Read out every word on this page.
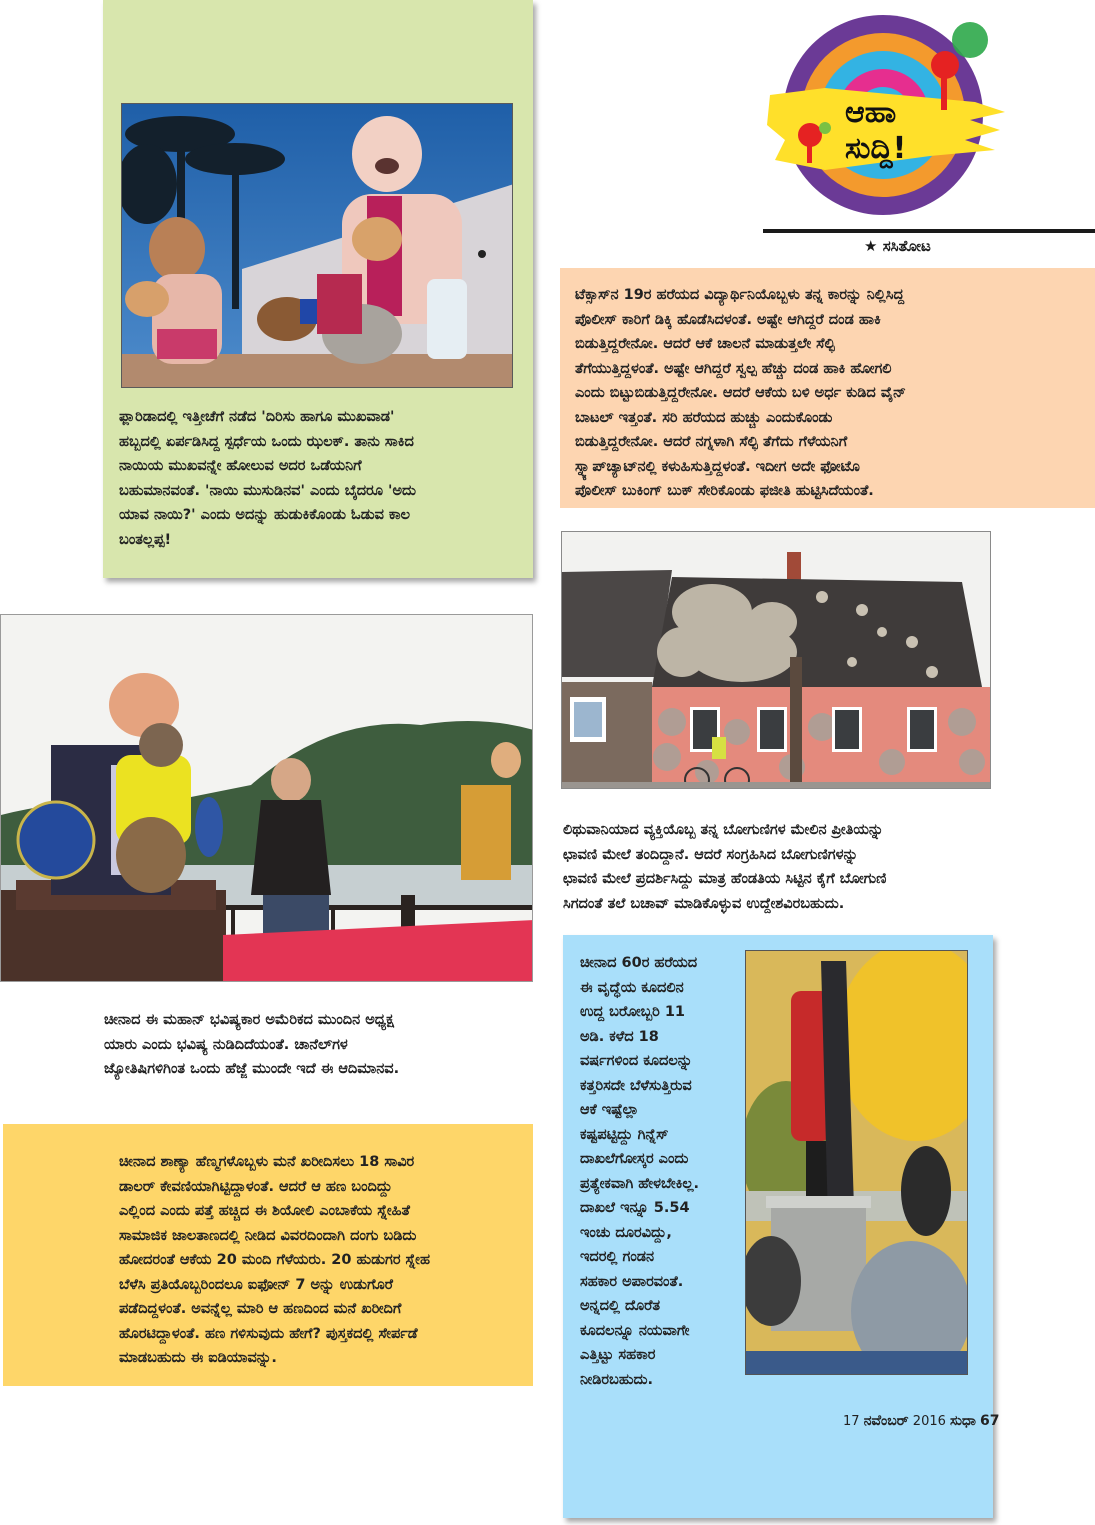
ಫ್ಲಾರಿಡಾದಲ್ಲಿ ಇತ್ತೀಚೆಗೆ ನಡೆದ 'ದಿರಿಸು ಹಾಗೂ ಮುಖವಾಡ'
ಹಬ್ಬದಲ್ಲಿ ಏರ್ಪಡಿಸಿದ್ದ ಸ್ಪರ್ಧೆಯ ಒಂದು ಝಲಕ್. ತಾನು ಸಾಕಿದ
ನಾಯಿಯ ಮುಖವನ್ನೇ ಹೋಲುವ ಅದರ ಒಡೆಯನಿಗೆ
ಬಹುಮಾನವಂತೆ. 'ನಾಯಿ ಮುಸುಡಿನವ' ಎಂದು ಬೈದರೂ 'ಅದು
ಯಾವ ನಾಯಿ?' ಎಂದು ಅದನ್ನು ಹುಡುಕಿಕೊಂಡು ಓಡುವ ಕಾಲ
ಬಂತಲ್ಲಪ್ಪ!
ಆಹಾ
ಸುದ್ದಿ!
★ ಸಸಿತೋಟ
ಟೆಕ್ಸಾಸ್‌ನ 19ರ ಹರೆಯದ ವಿದ್ಯಾರ್ಥಿನಿಯೊಬ್ಬಳು ತನ್ನ ಕಾರನ್ನು ನಿಲ್ಲಿಸಿದ್ದ
ಪೊಲೀಸ್ ಕಾರಿಗೆ ಡಿಕ್ಕಿ ಹೊಡೆಸಿದಳಂತೆ. ಅಷ್ಟೇ ಆಗಿದ್ದರೆ ದಂಡ ಹಾಕಿ
ಬಿಡುತ್ತಿದ್ದರೇನೋ. ಆದರೆ ಆಕೆ ಚಾಲನೆ ಮಾಡುತ್ತಲೇ ಸೆಲ್ಫಿ
ತೆಗೆಯುತ್ತಿದ್ದಳಂತೆ. ಅಷ್ಟೇ ಆಗಿದ್ದರೆ ಸ್ವಲ್ಪ ಹೆಚ್ಚು ದಂಡ ಹಾಕಿ ಹೋಗಲಿ
ಎಂದು ಬಿಟ್ಟುಬಿಡುತ್ತಿದ್ದರೇನೋ. ಆದರೆ ಆಕೆಯ ಬಳಿ ಅರ್ಧ ಕುಡಿದ ವೈನ್
ಬಾಟಲ್ ಇತ್ತಂತೆ. ಸರಿ ಹರೆಯದ ಹುಚ್ಚು ಎಂದುಕೊಂಡು
ಬಿಡುತ್ತಿದ್ದರೇನೋ. ಆದರೆ ನಗ್ನಳಾಗಿ ಸೆಲ್ಫಿ ತೆಗೆದು ಗೆಳೆಯನಿಗೆ
ಸ್ನ್ಯಾಪ್‌ಚ್ಯಾಟ್‌ನಲ್ಲಿ ಕಳುಹಿಸುತ್ತಿದ್ದಳಂತೆ. ಇದೀಗ ಅದೇ ಫೋಟೊ
ಪೊಲೀಸ್ ಬುಕಿಂಗ್ ಬುಕ್ ಸೇರಿಕೊಂಡು ಫಜೀತಿ ಹುಟ್ಟಿಸಿದೆಯಂತೆ.
ಲಿಥುವಾನಿಯಾದ ವ್ಯಕ್ತಿಯೊಬ್ಬ ತನ್ನ ಬೋಗುಣಿಗಳ ಮೇಲಿನ ಪ್ರೀತಿಯನ್ನು
ಛಾವಣಿ ಮೇಲೆ ತಂದಿದ್ದಾನೆ. ಆದರೆ ಸಂಗ್ರಹಿಸಿದ ಬೋಗುಣಿಗಳನ್ನು
ಛಾವಣಿ ಮೇಲೆ ಪ್ರದರ್ಶಿಸಿದ್ದು ಮಾತ್ರ ಹೆಂಡತಿಯ ಸಿಟ್ಟಿನ ಕೈಗೆ ಬೋಗುಣಿ
ಸಿಗದಂತೆ ತಲೆ ಬಚಾವ್ ಮಾಡಿಕೊಳ್ಳುವ ಉದ್ದೇಶವಿರಬಹುದು.
ಚೀನಾದ ಈ ಮಹಾನ್ ಭವಿಷ್ಯಕಾರ ಅಮೆರಿಕದ ಮುಂದಿನ ಅಧ್ಯಕ್ಷ
ಯಾರು ಎಂದು ಭವಿಷ್ಯ ನುಡಿದಿದೆಯಂತೆ. ಚಾನೆಲ್‌ಗಳ
ಜ್ಯೋತಿಷಿಗಳಿಗಿಂತ ಒಂದು ಹೆಜ್ಜೆ ಮುಂದೇ ಇದೆ ಈ ಆದಿಮಾನವ.
ಚೀನಾದ ಶಾಣ್ಯಾ ಹೆಣ್ಮಗಳೊಬ್ಬಳು ಮನೆ ಖರೀದಿಸಲು 18 ಸಾವಿರ
ಡಾಲರ್ ಕೇವಣಿಯಾಗಿಟ್ಟಿದ್ದಾಳಂತೆ. ಆದರೆ ಆ ಹಣ ಬಂದಿದ್ದು
ಎಲ್ಲಿಂದ ಎಂದು ಪತ್ತೆ ಹಚ್ಚಿದ ಈ ಶಿಯೋಲಿ ಎಂಬಾಕೆಯ ಸ್ನೇಹಿತೆ
ಸಾಮಾಜಿಕ ಜಾಲತಾಣದಲ್ಲಿ ನೀಡಿದ ವಿವರದಿಂದಾಗಿ ದಂಗು ಬಡಿದು
ಹೋದರಂತೆ ಆಕೆಯ 20 ಮಂದಿ ಗೆಳೆಯರು. 20 ಹುಡುಗರ ಸ್ನೇಹ
ಬೆಳೆಸಿ ಪ್ರತಿಯೊಬ್ಬರಿಂದಲೂ ಐಫೋನ್ 7 ಅನ್ನು ಉಡುಗೊರೆ
ಪಡೆದಿದ್ದಳಂತೆ. ಅವನ್ನೆಲ್ಲ ಮಾರಿ ಆ ಹಣದಿಂದ ಮನೆ ಖರೀದಿಗೆ
ಹೊರಟಿದ್ದಾಳಂತೆ. ಹಣ ಗಳಿಸುವುದು ಹೇಗೆ? ಪುಸ್ತಕದಲ್ಲಿ ಸೇರ್ಪಡೆ
ಮಾಡಬಹುದು ಈ ಐಡಿಯಾವನ್ನು.
ಚೀನಾದ 60ರ ಹರೆಯದ
ಈ ವೃದ್ಧೆಯ ಕೂದಲಿನ
ಉದ್ದ ಬರೋಬ್ಬರಿ 11
ಅಡಿ. ಕಳೆದ 18
ವರ್ಷಗಳಿಂದ ಕೂದಲನ್ನು
ಕತ್ತರಿಸದೇ ಬೆಳೆಸುತ್ತಿರುವ
ಆಕೆ ಇಷ್ಟೆಲ್ಲಾ
ಕಷ್ಟಪಟ್ಟಿದ್ದು ಗಿನ್ನೆಸ್
ದಾಖಲೆಗೋಸ್ಕರ ಎಂದು
ಪ್ರತ್ಯೇಕವಾಗಿ ಹೇಳಬೇಕಿಲ್ಲ.
ದಾಖಲೆ ಇನ್ನೂ 5.54
ಇಂಚು ದೂರವಿದ್ದು,
ಇದರಲ್ಲಿ ಗಂಡನ
ಸಹಕಾರ ಅಪಾರವಂತೆ.
ಅನ್ನದಲ್ಲಿ ದೊರೆತ
ಕೂದಲನ್ನೂ ನಯವಾಗೇ
ಎತ್ತಿಟ್ಟು ಸಹಕಾರ
ನೀಡಿರಬಹುದು.
17 ನವೆಂಬರ್ 2016 ಸುಧಾ 67
